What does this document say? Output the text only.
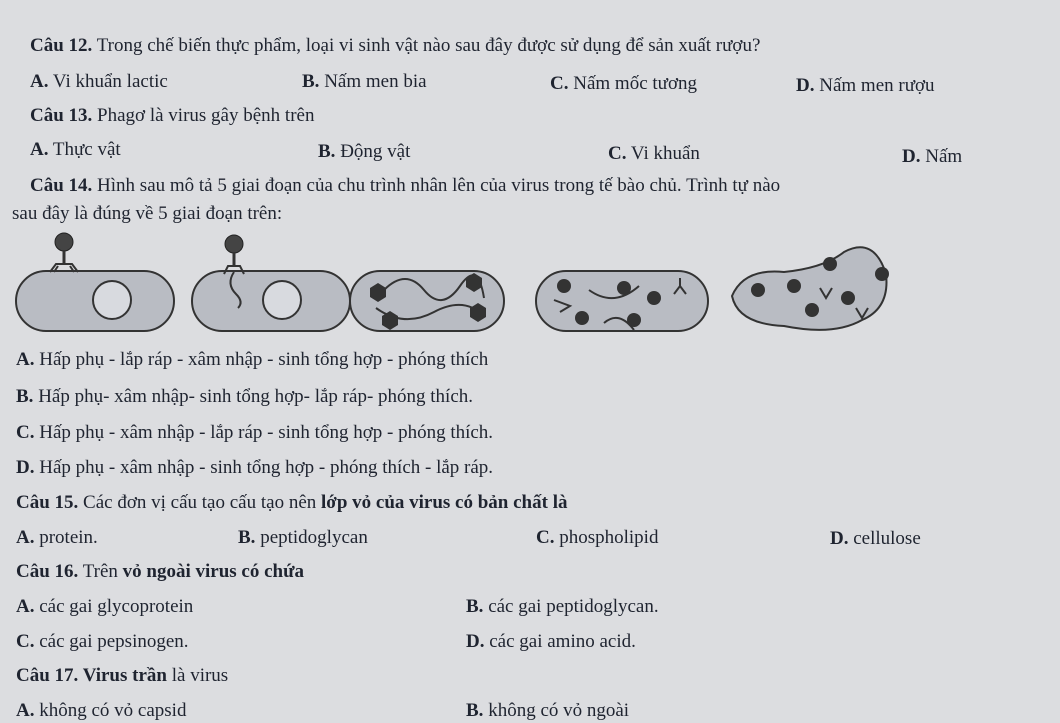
Câu 12. Trong chế biến thực phẩm, loại vi sinh vật nào sau đây được sử dụng để sản xuất rượu?
A. Vi khuẩn lactic	B. Nấm men bia	C. Nấm mốc tương	D. Nấm men rượu
Câu 13. Phagơ là virus gây bệnh trên
A. Thực vật	B. Động vật	C. Vi khuẩn	D. Nấm
Câu 14. Hình sau mô tả 5 giai đoạn của chu trình nhân lên của virus trong tế bào chủ. Trình tự nào
sau đây là đúng về 5 giai đoạn trên:
A. Hấp phụ - lắp ráp - xâm nhập - sinh tổng hợp - phóng thích
B. Hấp phụ- xâm nhập- sinh tổng hợp- lắp ráp- phóng thích.
C. Hấp phụ - xâm nhập - lắp ráp - sinh tổng hợp - phóng thích.
D. Hấp phụ - xâm nhập - sinh tổng hợp - phóng thích - lắp ráp.
Câu 15. Các đơn vị cấu tạo cấu tạo nên lớp vỏ của virus có bản chất là
A. protein.	B. peptidoglycan	C. phospholipid	D. cellulose
Câu 16. Trên vỏ ngoài virus có chứa
A. các gai glycoprotein	B. các gai peptidoglycan.
C. các gai pepsinogen.	D. các gai amino acid.
Câu 17. Virus trần là virus
A. không có vỏ capsid	B. không có vỏ ngoài
